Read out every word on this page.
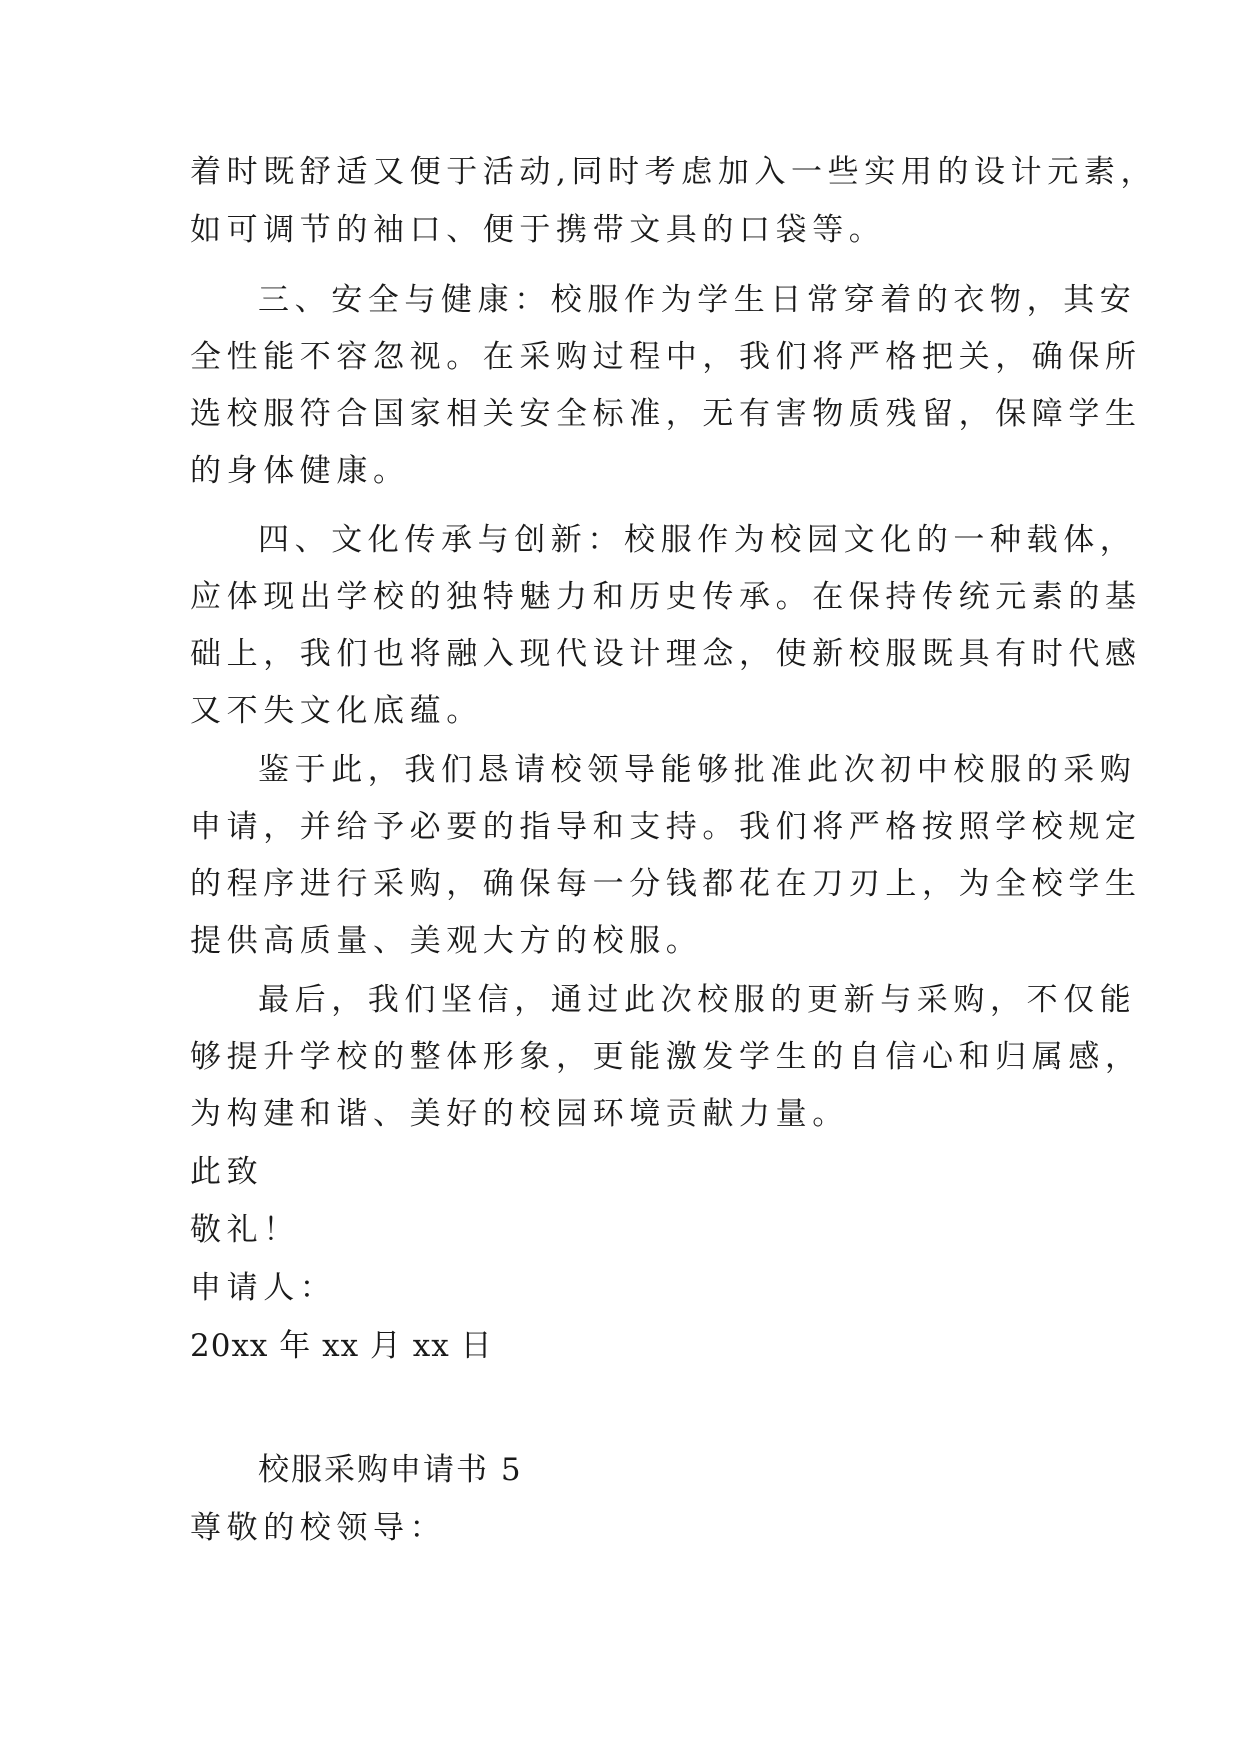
着时既舒适又便于活动,同时考虑加入一些实用的设计元素，
如可调节的袖口、便于携带文具的口袋等。
三、安全与健康：校服作为学生日常穿着的衣物，其安
全性能不容忽视。在采购过程中，我们将严格把关，确保所
选校服符合国家相关安全标准，无有害物质残留，保障学生
的身体健康。
四、文化传承与创新：校服作为校园文化的一种载体，
应体现出学校的独特魅力和历史传承。在保持传统元素的基
础上，我们也将融入现代设计理念，使新校服既具有时代感
又不失文化底蕴。
鉴于此，我们恳请校领导能够批准此次初中校服的采购
申请，并给予必要的指导和支持。我们将严格按照学校规定
的程序进行采购，确保每一分钱都花在刀刃上，为全校学生
提供高质量、美观大方的校服。
最后，我们坚信，通过此次校服的更新与采购，不仅能
够提升学校的整体形象，更能激发学生的自信心和归属感，
为构建和谐、美好的校园环境贡献力量。
此致
敬礼！
申请人：
20xx 年 xx 月 xx 日
校服采购申请书 5
尊敬的校领导：
